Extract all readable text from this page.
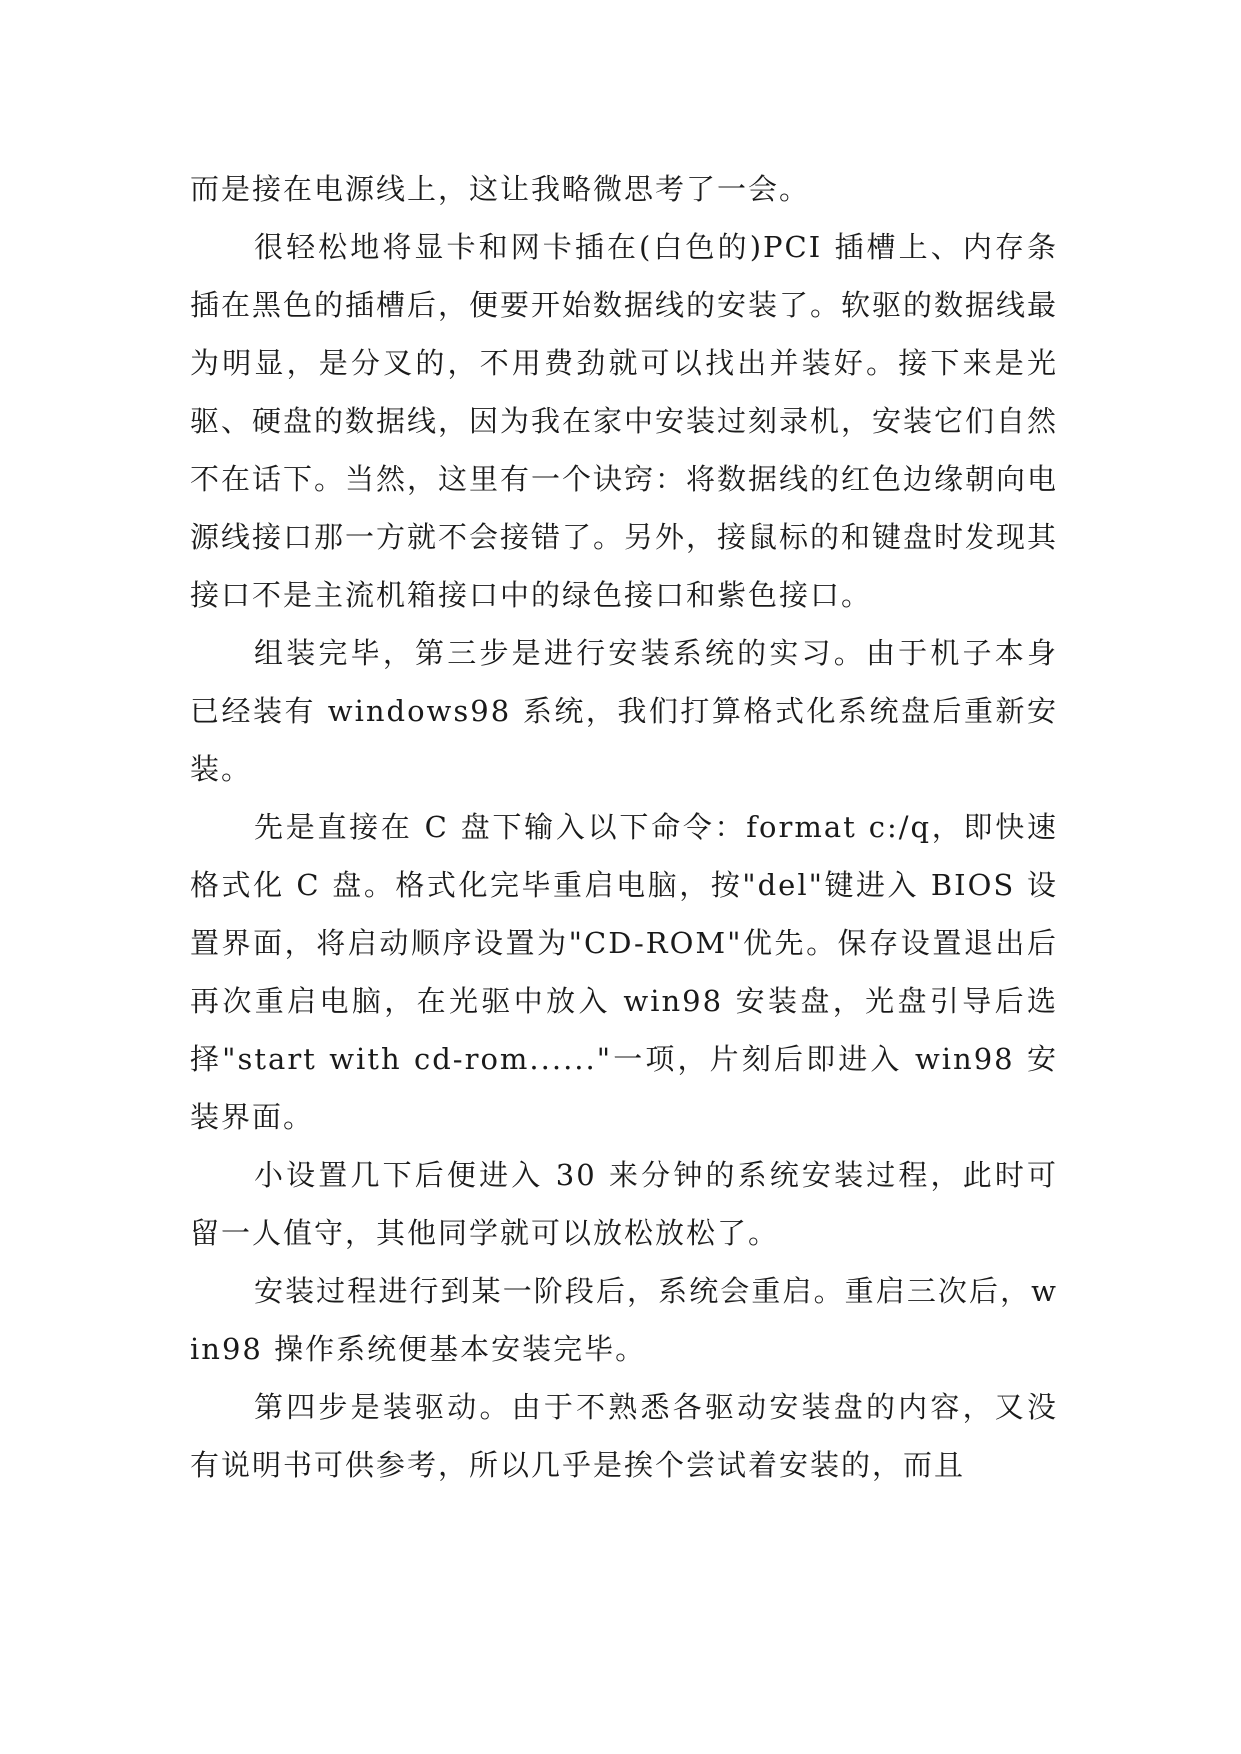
而是接在电源线上，这让我略微思考了一会。

很轻松地将显卡和网卡插在(白色的)PCI 插槽上、内存条插在黑色的插槽后，便要开始数据线的安装了。软驱的数据线最为明显，是分叉的，不用费劲就可以找出并装好。接下来是光驱、硬盘的数据线，因为我在家中安装过刻录机，安装它们自然不在话下。当然，这里有一个诀窍：将数据线的红色边缘朝向电源线接口那一方就不会接错了。另外，接鼠标的和键盘时发现其接口不是主流机箱接口中的绿色接口和紫色接口。

组装完毕，第三步是进行安装系统的实习。由于机子本身已经装有 windows98 系统，我们打算格式化系统盘后重新安装。

先是直接在 C 盘下输入以下命令：format c:/q，即快速格式化 C 盘。格式化完毕重启电脑，按"del"键进入 BIOS 设置界面，将启动顺序设置为"CD-ROM"优先。保存设置退出后再次重启电脑，在光驱中放入 win98 安装盘，光盘引导后选择"start with cd-rom......"一项，片刻后即进入 win98 安装界面。

小设置几下后便进入 30 来分钟的系统安装过程，此时可留一人值守，其他同学就可以放松放松了。

安装过程进行到某一阶段后，系统会重启。重启三次后，win98 操作系统便基本安装完毕。

第四步是装驱动。由于不熟悉各驱动安装盘的内容，又没有说明书可供参考，所以几乎是挨个尝试着安装的，而且
